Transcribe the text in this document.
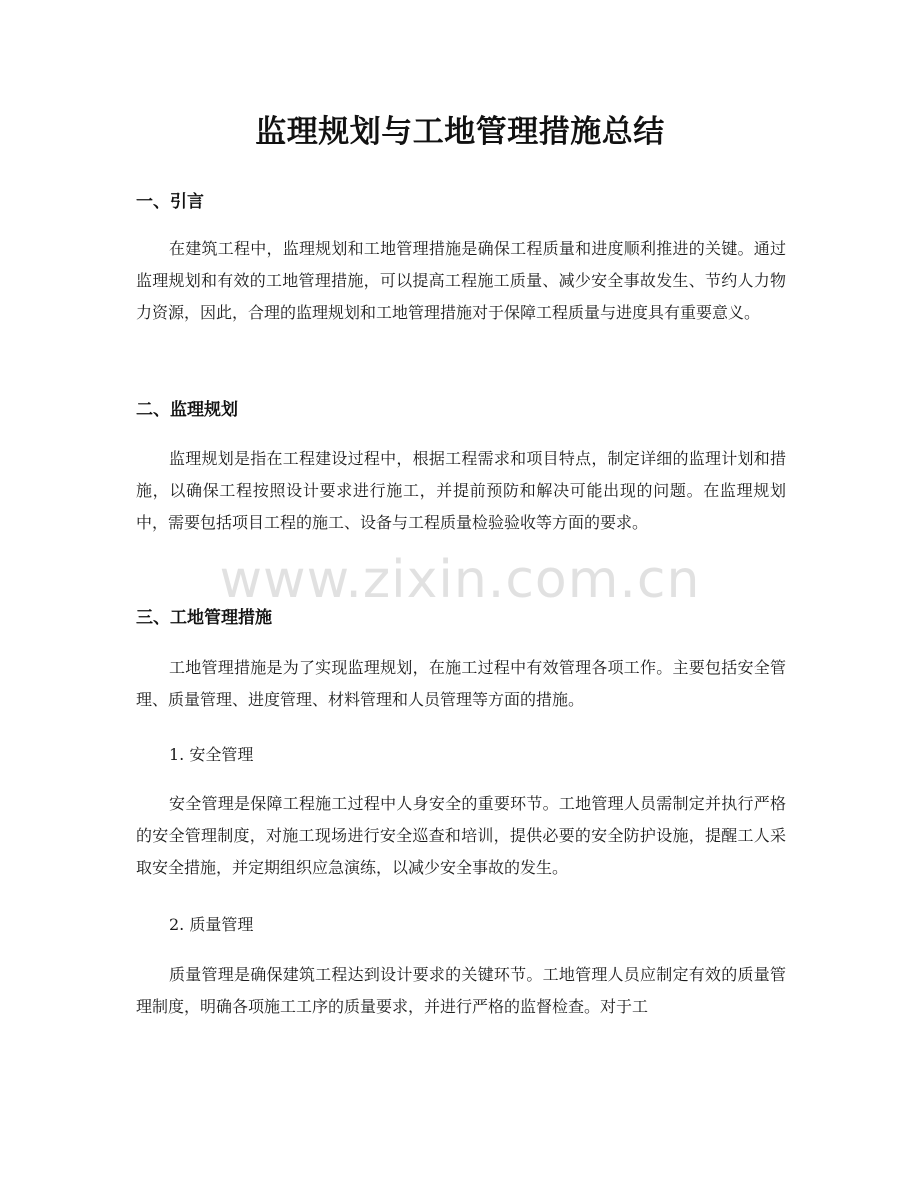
监理规划与工地管理措施总结
一、引言

在建筑工程中，监理规划和工地管理措施是确保工程质量和进度顺利推进的关键。通过监理规划和有效的工地管理措施，可以提高工程施工质量、减少安全事故发生、节约人力物力资源，因此，合理的监理规划和工地管理措施对于保障工程质量与进度具有重要意义。

二、监理规划

监理规划是指在工程建设过程中，根据工程需求和项目特点，制定详细的监理计划和措施，以确保工程按照设计要求进行施工，并提前预防和解决可能出现的问题。在监理规划中，需要包括项目工程的施工、设备与工程质量检验验收等方面的要求。

三、工地管理措施

工地管理措施是为了实现监理规划，在施工过程中有效管理各项工作。主要包括安全管理、质量管理、进度管理、材料管理和人员管理等方面的措施。

1. 安全管理

安全管理是保障工程施工过程中人身安全的重要环节。工地管理人员需制定并执行严格的安全管理制度，对施工现场进行安全巡查和培训，提供必要的安全防护设施，提醒工人采取安全措施，并定期组织应急演练，以减少安全事故的发生。

2. 质量管理

质量管理是确保建筑工程达到设计要求的关键环节。工地管理人员应制定有效的质量管理制度，明确各项施工工序的质量要求，并进行严格的监督检查。对于工

www.zixin.com.cn
